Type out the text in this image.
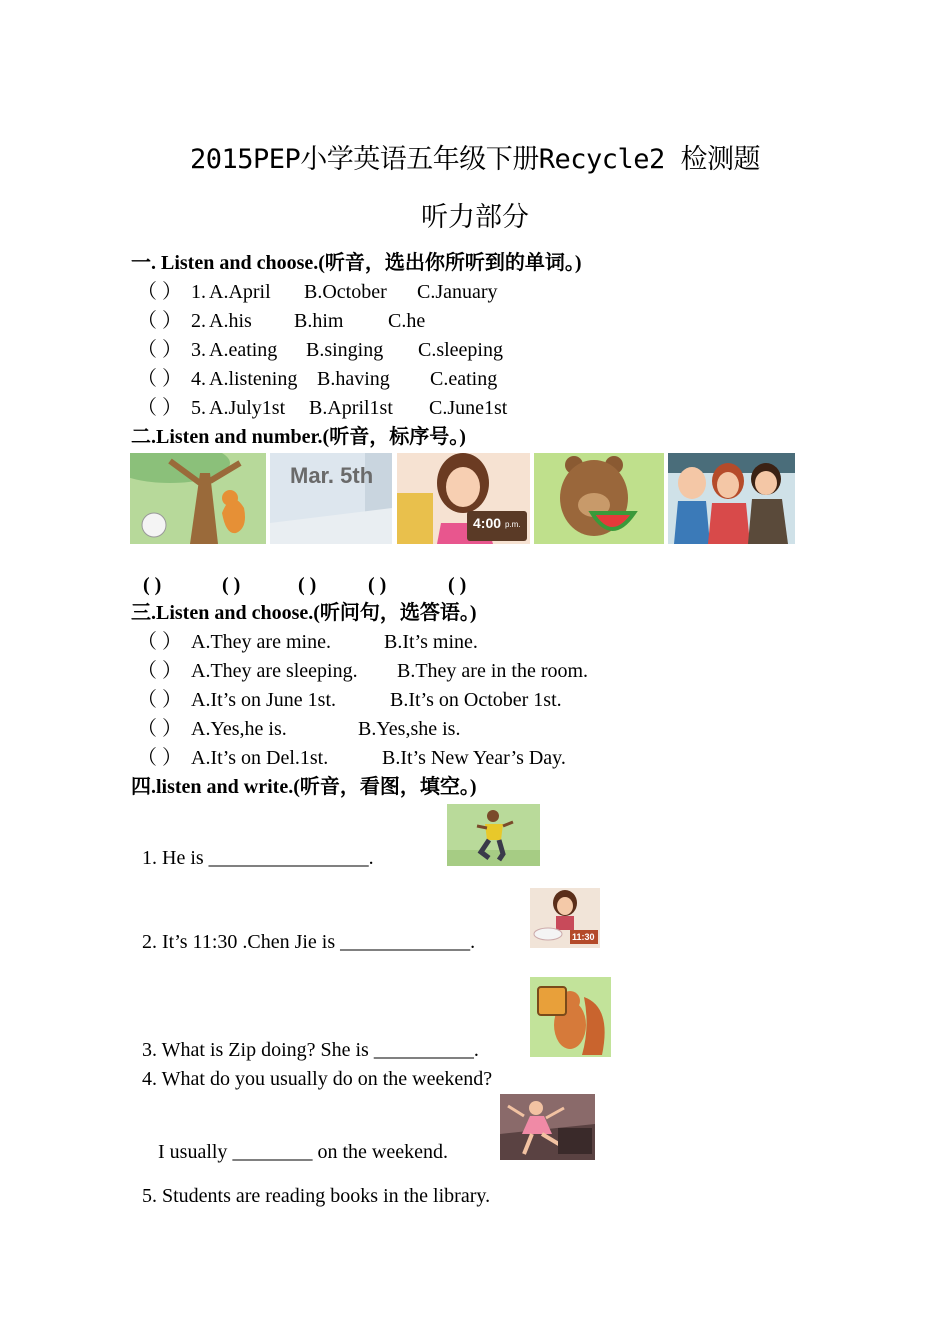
2015PEP小学英语五年级下册Recycle2 检测题
听力部分
一. Listen and choose.(听音，选出你所听到的单词。)
（ ） 1. A.April B.October C.January
（ ） 2. A.his B.him C.he
（ ） 3. A.eating B.singing C.sleeping
（ ） 4. A.listening B.having C.eating
（ ） 5. A.July1st B.April1st C.June1st
二.Listen and number.(听音，标序号。)
Mar. 5th
4:00 p.m.
( )	( )	( )	( )	( )
三.Listen and choose.(听问句，选答语。)
（ ） A.They are mine.	B.It’s mine.
（ ） A.They are sleeping. B.They are in the room.
（ ） A.It’s on June 1st.	B.It’s on October 1st.
（ ） A.Yes,he is.	B.Yes,she is.
（ ） A.It’s on Del.1st.	B.It’s New Year’s Day.
四.listen and write.(听音，看图，填空。)
1. He is ________________.
2. It’s 11:30 .Chen Jie is _____________.	11:30
3. What is Zip doing? She is __________.
4. What do you usually do on the weekend?
I usually ________ on the weekend.
5. Students are reading books in the library.
